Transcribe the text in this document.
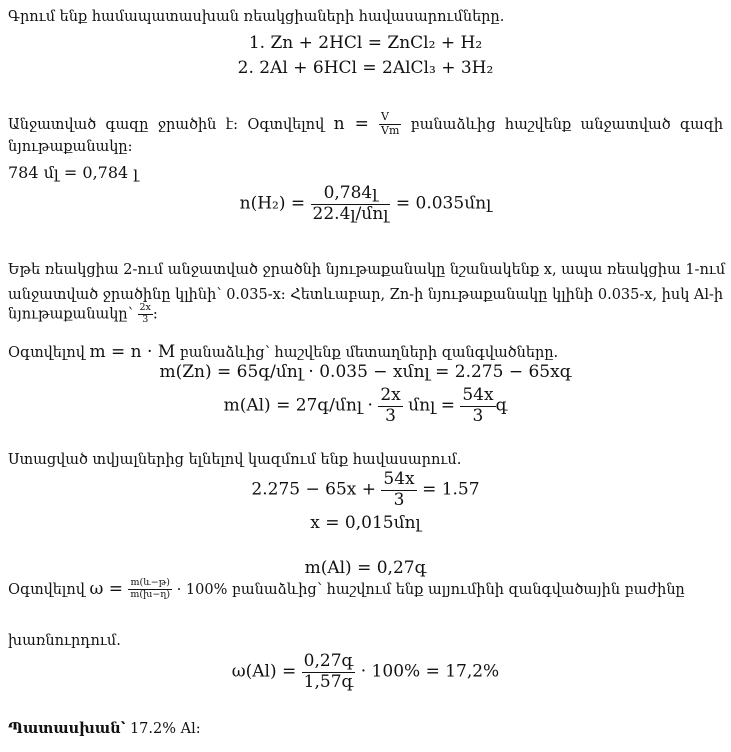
Գրում ենք համապատասխան ռեակցիաների հավասարումները.
1. Zn + 2HCl = ZnCl₂ + H₂
2. 2Al + 6HCl = 2AlCl₃ + 3H₂
Անջատված գազը ջրածին է: Օգտվելով $n = \frac{V}{Vm}$ բանաձևից հաշվենք անջատված գազի
նյութաքանակը:
784 մլ = 0,784 լ
$n(H_2) = \frac{\text{0,784լ}}{\text{22.4լ/մոլ}}$ = 0.035մոլ
Եթե ռեակցիա 2-ում անջատված ջրածնի նյութաքանակը նշանակենք x, ապա ռեակցիա 1-ում
անջատված ջրածինը կլինի՝ 0.035-x: Հետևաբար, Zn-ի նյութաքանակը կլինի 0.035-x, իսկ Al-ի
նյութաքանակը՝ $\frac{2x}{3}$ :
Օգտվելով m = n · M բանաձևից՝ հաշվենք մետաղների զանգվածները.
m(Zn) = 65գ/մոլ · 0.035 − xմոլ = 2.275 − 65xգ
m(Al) = 27գ/մոլ · $\frac{2x}{3}$ մոլ = $\frac{54x}{3}$ գ
Ստացված տվյալներից ելնելով կազմում ենք հավասարում.
$2.275 - 65x + \frac{54x}{3} = 1.57$
x = 0,015մոլ
m(Al) = 0,27գ
Օգտվելով $\omega = \frac{\text{m(և−թ)}}{\text{m(խ−ղ)}} \cdot 100\%$ բանաձևից՝ հաշվում ենք ալյումինի զանգվածային բաժինը
խառնուրդում.
$\omega(Al) = \frac{\text{0,27գ}}{\text{1,57գ}} \cdot 100\% = 17,2\%$
Պատասխան՝ 17.2% Al:
